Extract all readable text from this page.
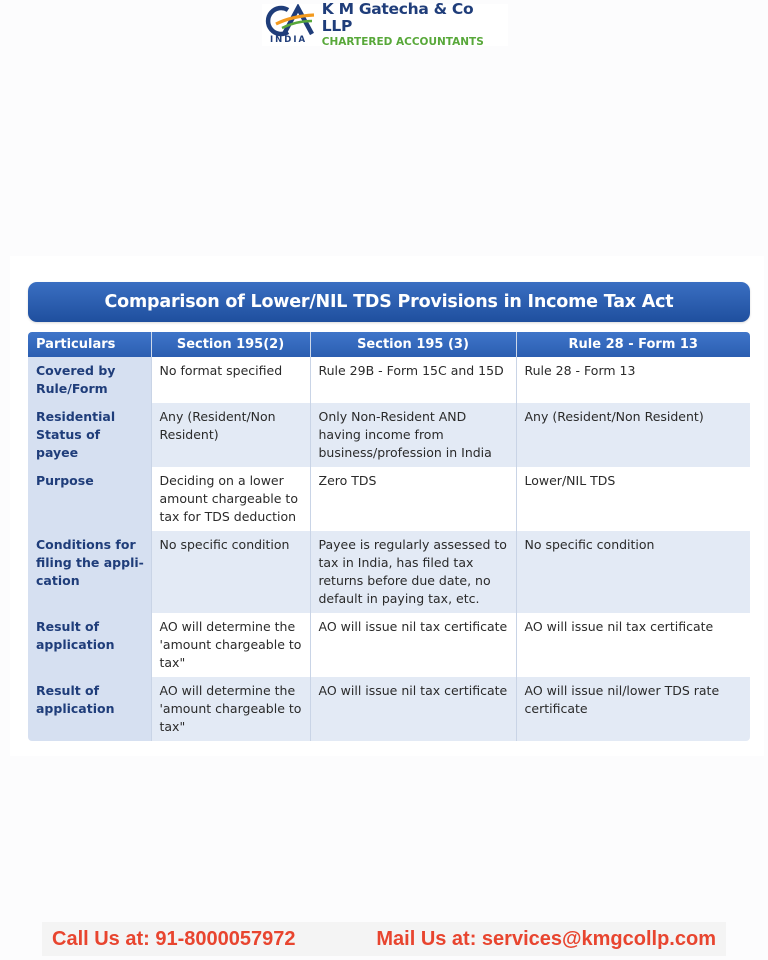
INDIA
K M Gatecha & Co LLP
CHARTERED ACCOUNTANTS
Comparison of Lower/NIL TDS Provisions in Income Tax Act
Particulars	Section 195(2)	Section 195 (3)	Rule 28 - Form 13
Covered by Rule/Form	No format specified	Rule 29B - Form 15C and 15D	Rule 28 - Form 13
Residential Status of payee	Any (Resident/Non Resident)	Only Non-Resident AND having income from business/profession in India	Any (Resident/Non Resident)
Purpose	Deciding on a lower amount chargeable to tax for TDS deduction	Zero TDS	Lower/NIL TDS
Conditions for filing the appli-cation	No specific condition	Payee is regularly assessed to tax in India, has filed tax returns before due date, no default in paying tax, etc.	No specific condition
Result of application	AO will determine the 'amount chargeable to tax"	AO will issue nil tax certificate	AO will issue nil tax certificate
Result of application	AO will determine the 'amount chargeable to tax"	AO will issue nil tax certificate	AO will issue nil/lower TDS rate certificate
Call Us at: 91-8000057972	Mail Us at: services@kmgcollp.com
